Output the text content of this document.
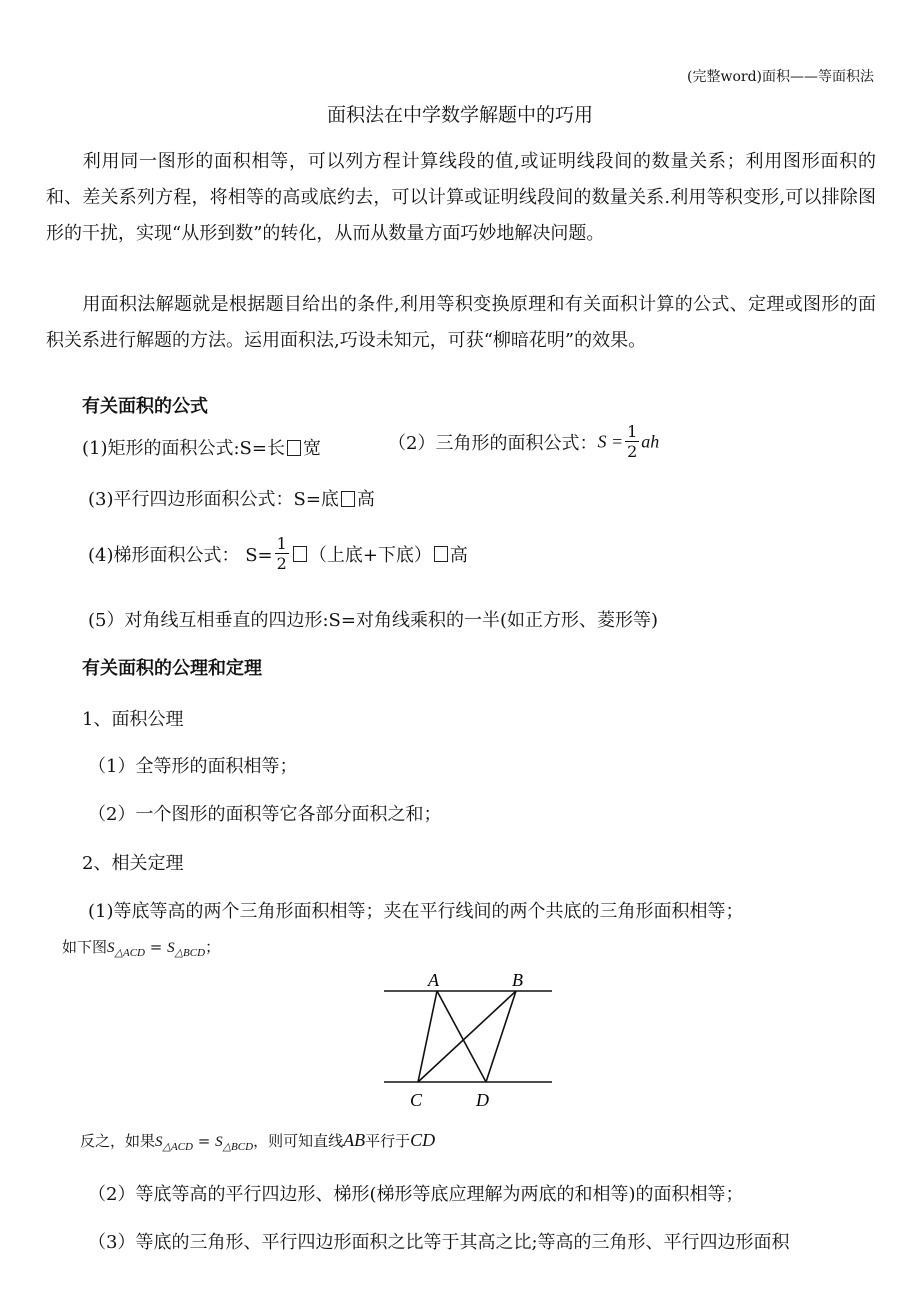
(完整word)面积——等面积法
面积法在中学数学解题中的巧用
利用同一图形的面积相等，可以列方程计算线段的值,或证明线段间的数量关系；利用图形面积的和、差关系列方程，将相等的高或底约去，可以计算或证明线段间的数量关系.利用等积变形,可以排除图形的干扰，实现“从形到数”的转化，从而从数量方面巧妙地解决问题。
用面积法解题就是根据题目给出的条件,利用等积变换原理和有关面积计算的公式、定理或图形的面积关系进行解题的方法。运用面积法,巧设未知元，可获“柳暗花明”的效果。
有关面积的公式
(1)矩形的面积公式:S=长 宽	（2）三角形的面积公式：$S = \frac{1}{2}$ ah
(3)平行四边形面积公式：S=底 高
(4)梯形面积公式： $S= \frac{1}{2}$ （上底+下底） 高
(5）对角线互相垂直的四边形:S=对角线乘积的一半(如正方形、菱形等)
有关面积的公理和定理
1、面积公理
（1）全等形的面积相等；
（2）一个图形的面积等它各部分面积之和；
2、相关定理
(1)等底等高的两个三角形面积相等；夹在平行线间的两个共底的三角形面积相等；
如下图$S_{\triangle ACD} = S_{\triangle BCD}$；
A	B
C	D
反之，如果$S_{\triangle ACD} = S_{\triangle BCD}$，则可知直线AB平行于CD
（2）等底等高的平行四边形、梯形(梯形等底应理解为两底的和相等)的面积相等；
（3）等底的三角形、平行四边形面积之比等于其高之比;等高的三角形、平行四边形面积
